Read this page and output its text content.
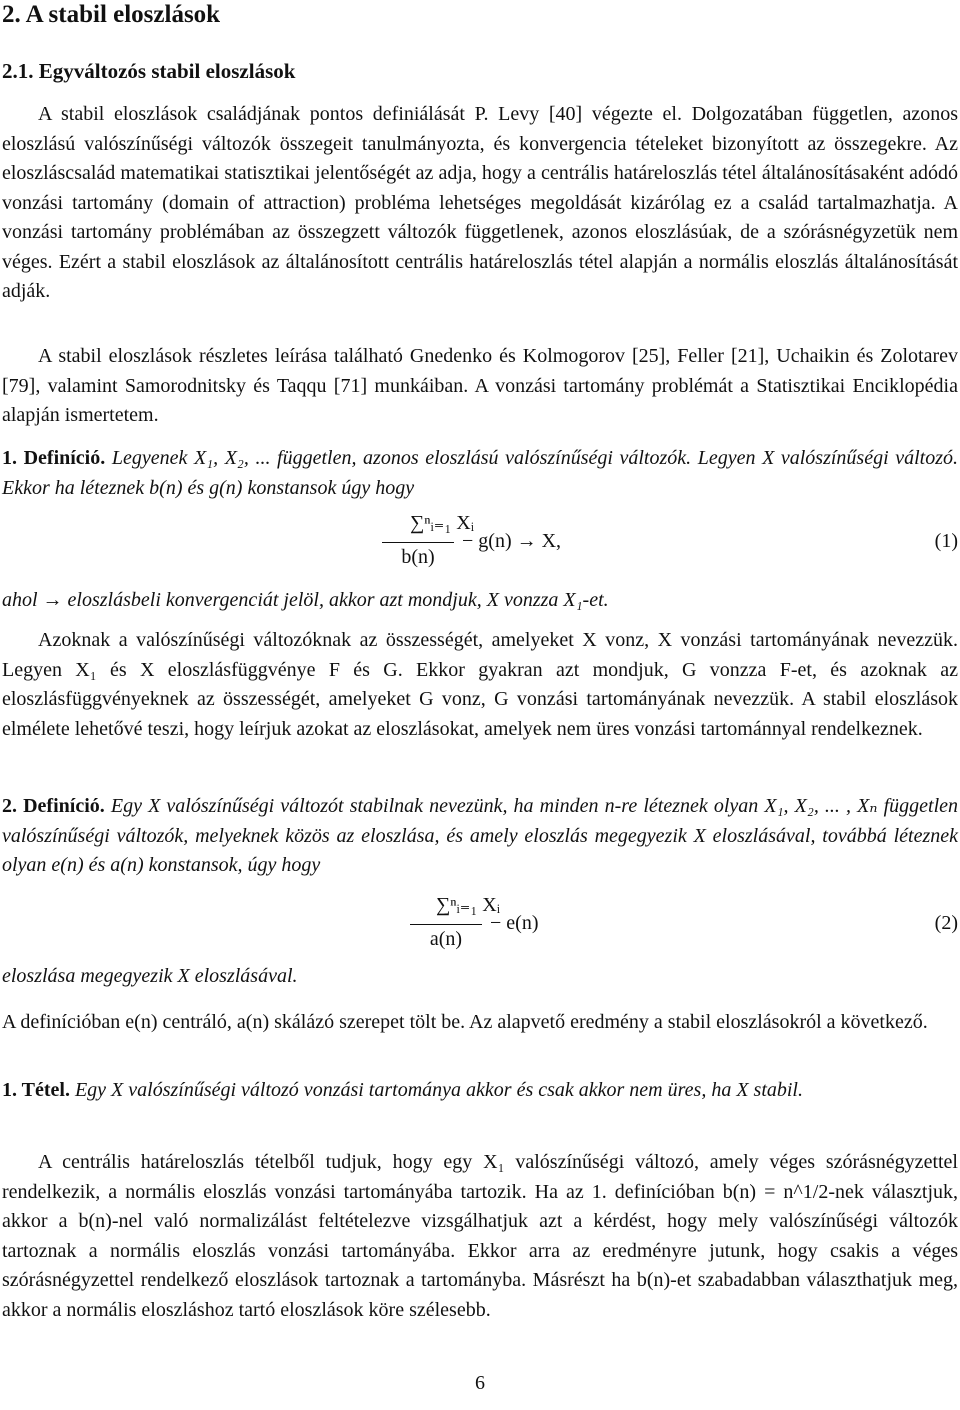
2. A stabil eloszlások
2.1. Egyváltozós stabil eloszlások
A stabil eloszlások családjának pontos definiálását P. Levy [40] végezte el. Dolgozatában független, azonos eloszlású valószínűségi változók összegeit tanulmányozta, és konvergencia tételeket bizonyított az összegekre. Az eloszláscsalád matematikai statisztikai jelentőségét az adja, hogy a centrális határeloszlás tétel általánosításaként adódó vonzási tartomány (domain of attraction) probléma lehetséges megoldását kizárólag ez a család tartalmazhatja. A vonzási tartomány problémában az összegzett változók függetlenek, azonos eloszlásúak, de a szórásnégyzetük nem véges. Ezért a stabil eloszlások az általánosított centrális határeloszlás tétel alapján a normális eloszlás általánosítását adják.
A stabil eloszlások részletes leírása található Gnedenko és Kolmogorov [25], Feller [21], Uchaikin és Zolotarev [79], valamint Samorodnitsky és Taqqu [71] munkáiban. A vonzási tartomány problémát a Statisztikai Enciklopédia alapján ismertetem.
1. Definíció. Legyenek X₁, X₂, ... független, azonos eloszlású valószínűségi változók. Legyen X valószínűségi változó. Ekkor ha léteznek b(n) és g(n) konstansok úgy hogy
∑ⁿᵢ₌₁ Xᵢ
b(n)
− g(n) → X,	(1)
ahol → eloszlásbeli konvergenciát jelöl, akkor azt mondjuk, X vonzza X₁-et.
Azoknak a valószínűségi változóknak az összességét, amelyeket X vonz, X vonzási tartományának nevezzük. Legyen X₁ és X eloszlásfüggvénye F és G. Ekkor gyakran azt mondjuk, G vonzza F-et, és azoknak az eloszlásfüggvényeknek az összességét, amelyeket G vonz, G vonzási tartományának nevezzük. A stabil eloszlások elmélete lehetővé teszi, hogy leírjuk azokat az eloszlásokat, amelyek nem üres vonzási tartománnyal rendelkeznek.
2. Definíció. Egy X valószínűségi változót stabilnak nevezünk, ha minden n-re léteznek olyan X₁, X₂, ... , Xₙ független valószínűségi változók, melyeknek közös az eloszlása, és amely eloszlás megegyezik X eloszlásával, továbbá léteznek olyan e(n) és a(n) konstansok, úgy hogy
∑ⁿᵢ₌₁ Xᵢ
a(n)
− e(n)	(2)
eloszlása megegyezik X eloszlásával.
A definícióban e(n) centráló, a(n) skálázó szerepet tölt be. Az alapvető eredmény a stabil eloszlásokról a következő.
1. Tétel. Egy X valószínűségi változó vonzási tartománya akkor és csak akkor nem üres, ha X stabil.
A centrális határeloszlás tételből tudjuk, hogy egy X₁ valószínűségi változó, amely véges szórásnégyzettel rendelkezik, a normális eloszlás vonzási tartományába tartozik. Ha az 1. definícióban b(n) = n^1/2-nek választjuk, akkor a b(n)-nel való normalizálást feltételezve vizsgálhatjuk azt a kérdést, hogy mely valószínűségi változók tartoznak a normális eloszlás vonzási tartományába. Ekkor arra az eredményre jutunk, hogy csakis a véges szórásnégyzettel rendelkező eloszlások tartoznak a tartományba. Másrészt ha b(n)-et szabadabban választhatjuk meg, akkor a normális eloszláshoz tartó eloszlások köre szélesebb.
6
